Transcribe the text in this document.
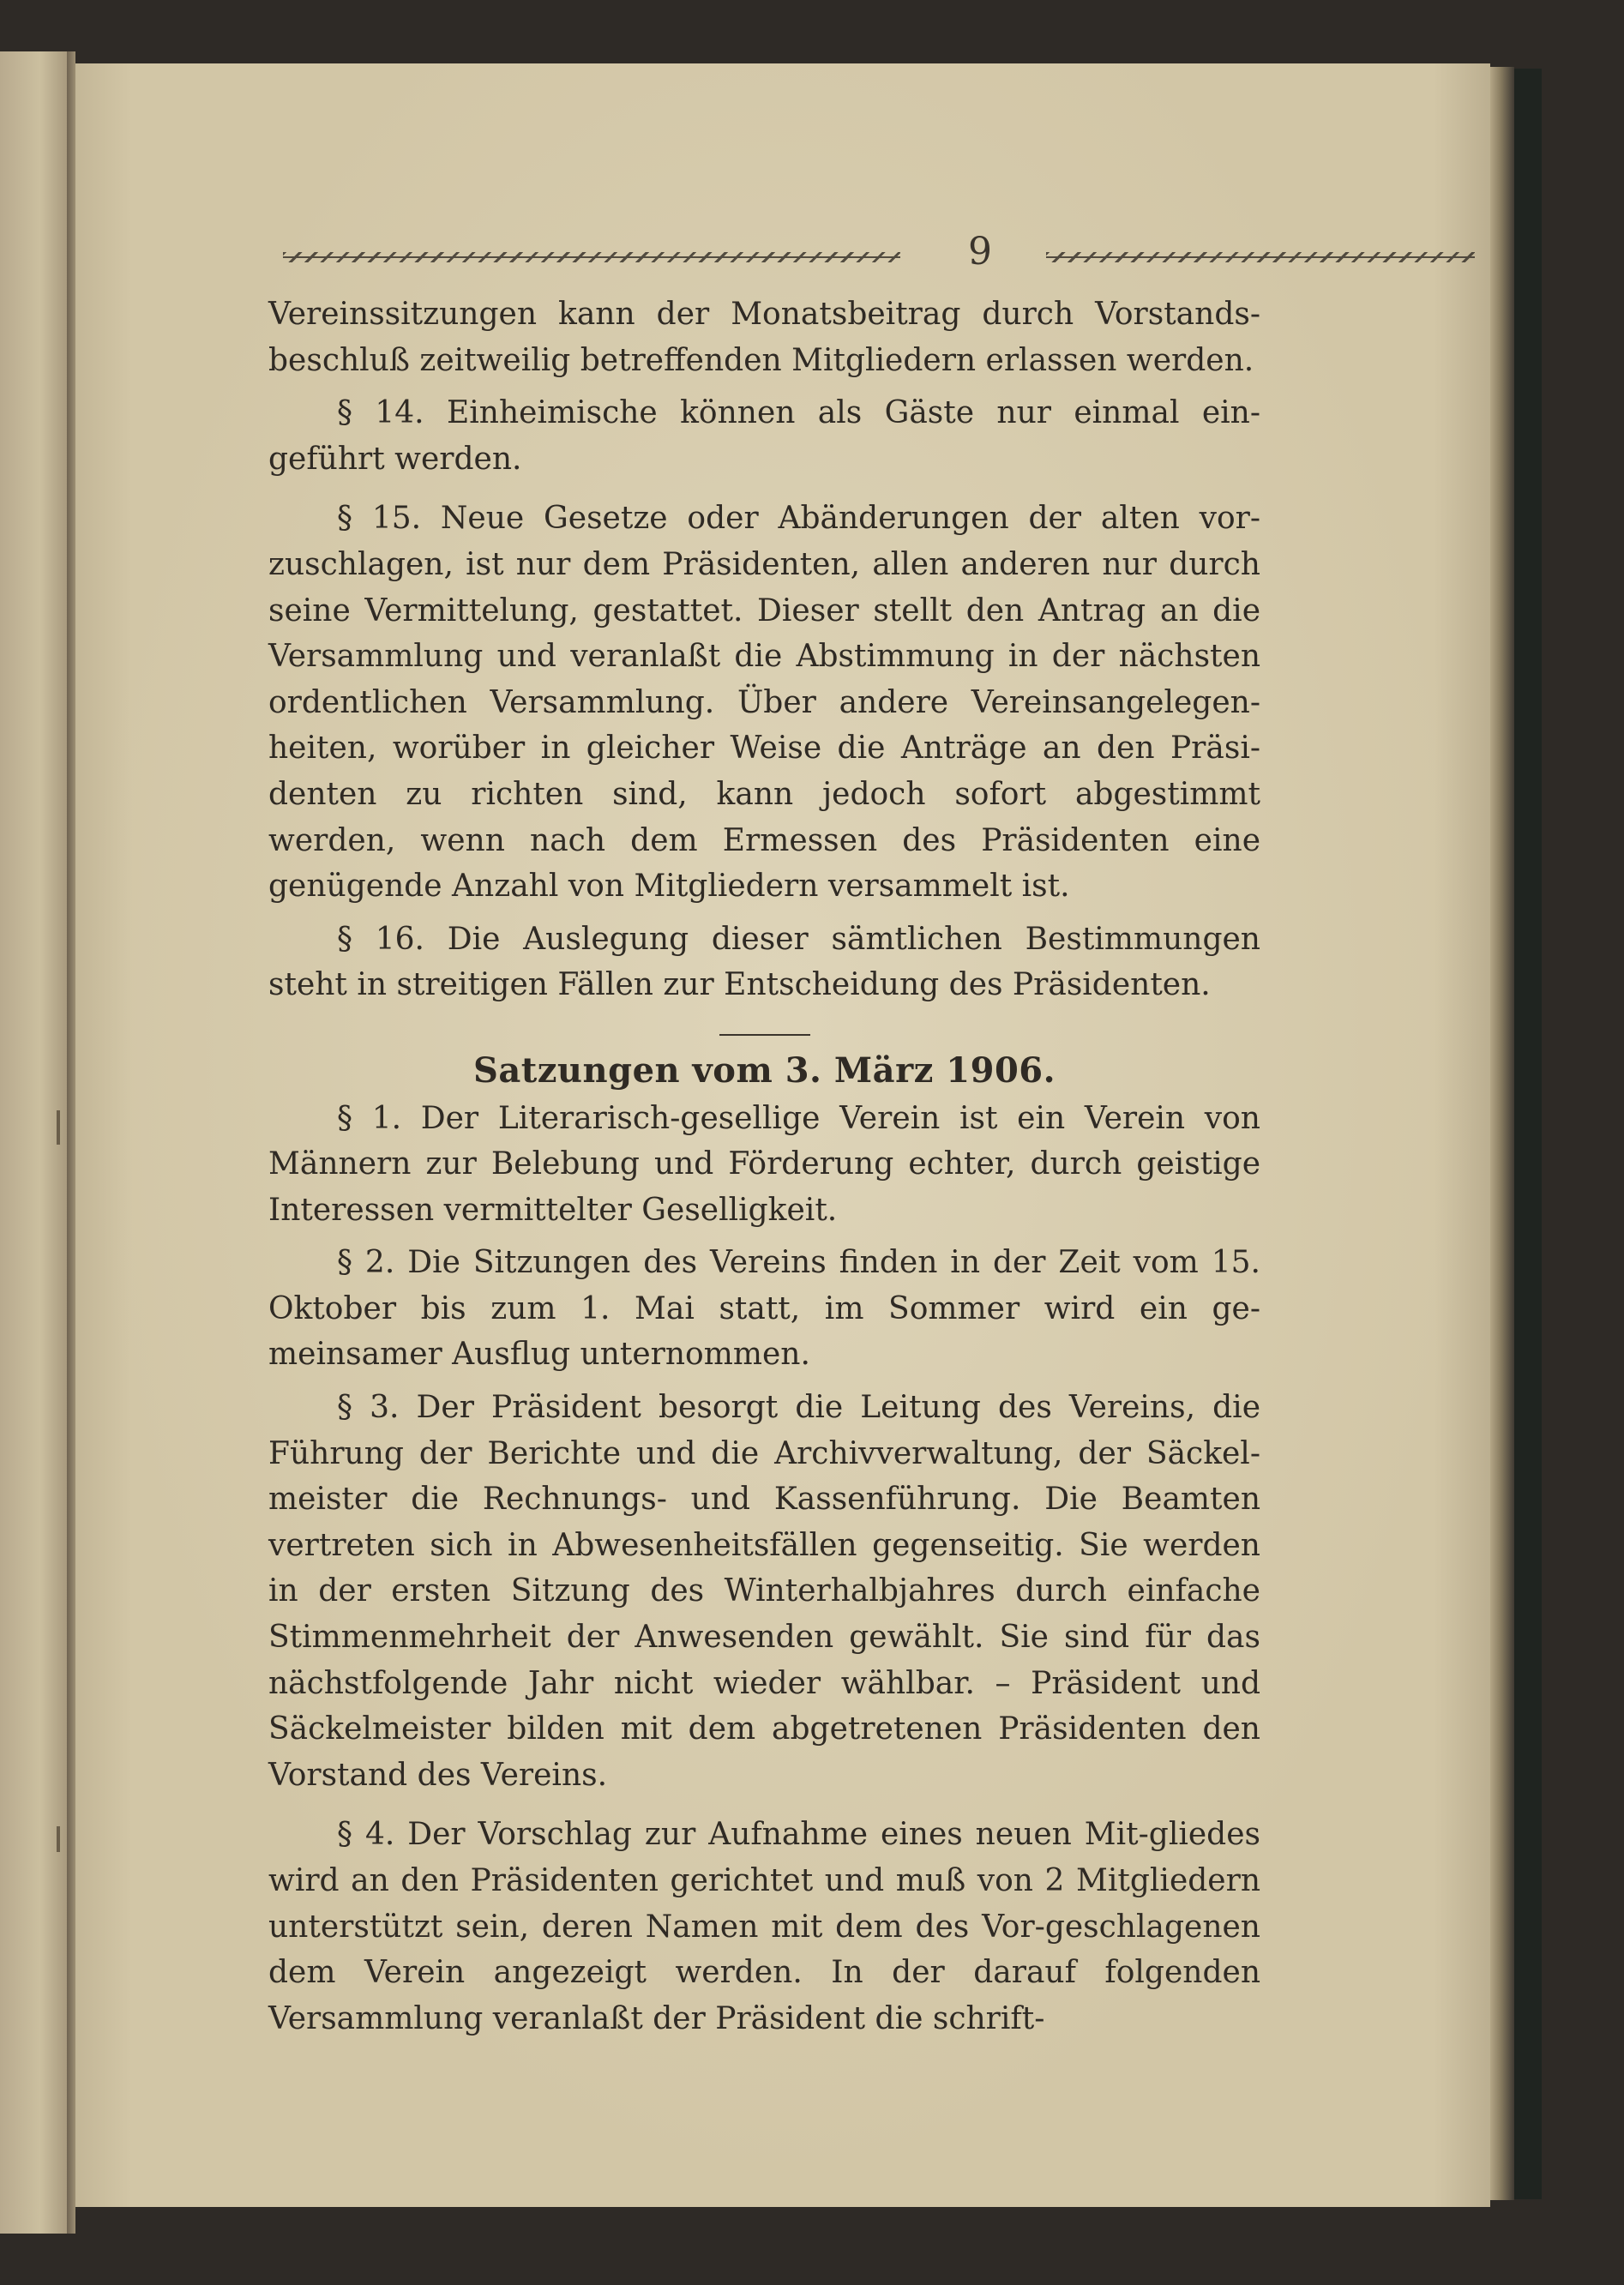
9

Vereinssitzungen kann der Monatsbeitrag durch Vorstands-beschluß zeitweilig betreffenden Mitgliedern erlassen werden.

§ 14. Einheimische können als Gäste nur einmal ein-geführt werden.

§ 15. Neue Gesetze oder Abänderungen der alten vor-zuschlagen, ist nur dem Präsidenten, allen anderen nur durch seine Vermittelung, gestattet. Dieser stellt den Antrag an die Versammlung und veranlaßt die Abstimmung in der nächsten ordentlichen Versammlung. Über andere Vereinsangelegen-heiten, worüber in gleicher Weise die Anträge an den Präsi-denten zu richten sind, kann jedoch sofort abgestimmt werden, wenn nach dem Ermessen des Präsidenten eine genügende Anzahl von Mitgliedern versammelt ist.

§ 16. Die Auslegung dieser sämtlichen Bestimmungen steht in streitigen Fällen zur Entscheidung des Präsidenten.

Satzungen vom 3. März 1906.

§ 1. Der Literarisch-gesellige Verein ist ein Verein von Männern zur Belebung und Förderung echter, durch geistige Interessen vermittelter Geselligkeit.

§ 2. Die Sitzungen des Vereins finden in der Zeit vom 15. Oktober bis zum 1. Mai statt, im Sommer wird ein ge-meinsamer Ausflug unternommen.

§ 3. Der Präsident besorgt die Leitung des Vereins, die Führung der Berichte und die Archivverwaltung, der Säckel-meister die Rechnungs- und Kassenführung. Die Beamten vertreten sich in Abwesenheitsfällen gegenseitig. Sie werden in der ersten Sitzung des Winterhalbjahres durch einfache Stimmenmehrheit der Anwesenden gewählt. Sie sind für das nächstfolgende Jahr nicht wieder wählbar. – Präsident und Säckelmeister bilden mit dem abgetretenen Präsidenten den Vorstand des Vereins.

§ 4. Der Vorschlag zur Aufnahme eines neuen Mit-gliedes wird an den Präsidenten gerichtet und muß von 2 Mitgliedern unterstützt sein, deren Namen mit dem des Vor-geschlagenen dem Verein angezeigt werden. In der darauf folgenden Versammlung veranlaßt der Präsident die schrift-
